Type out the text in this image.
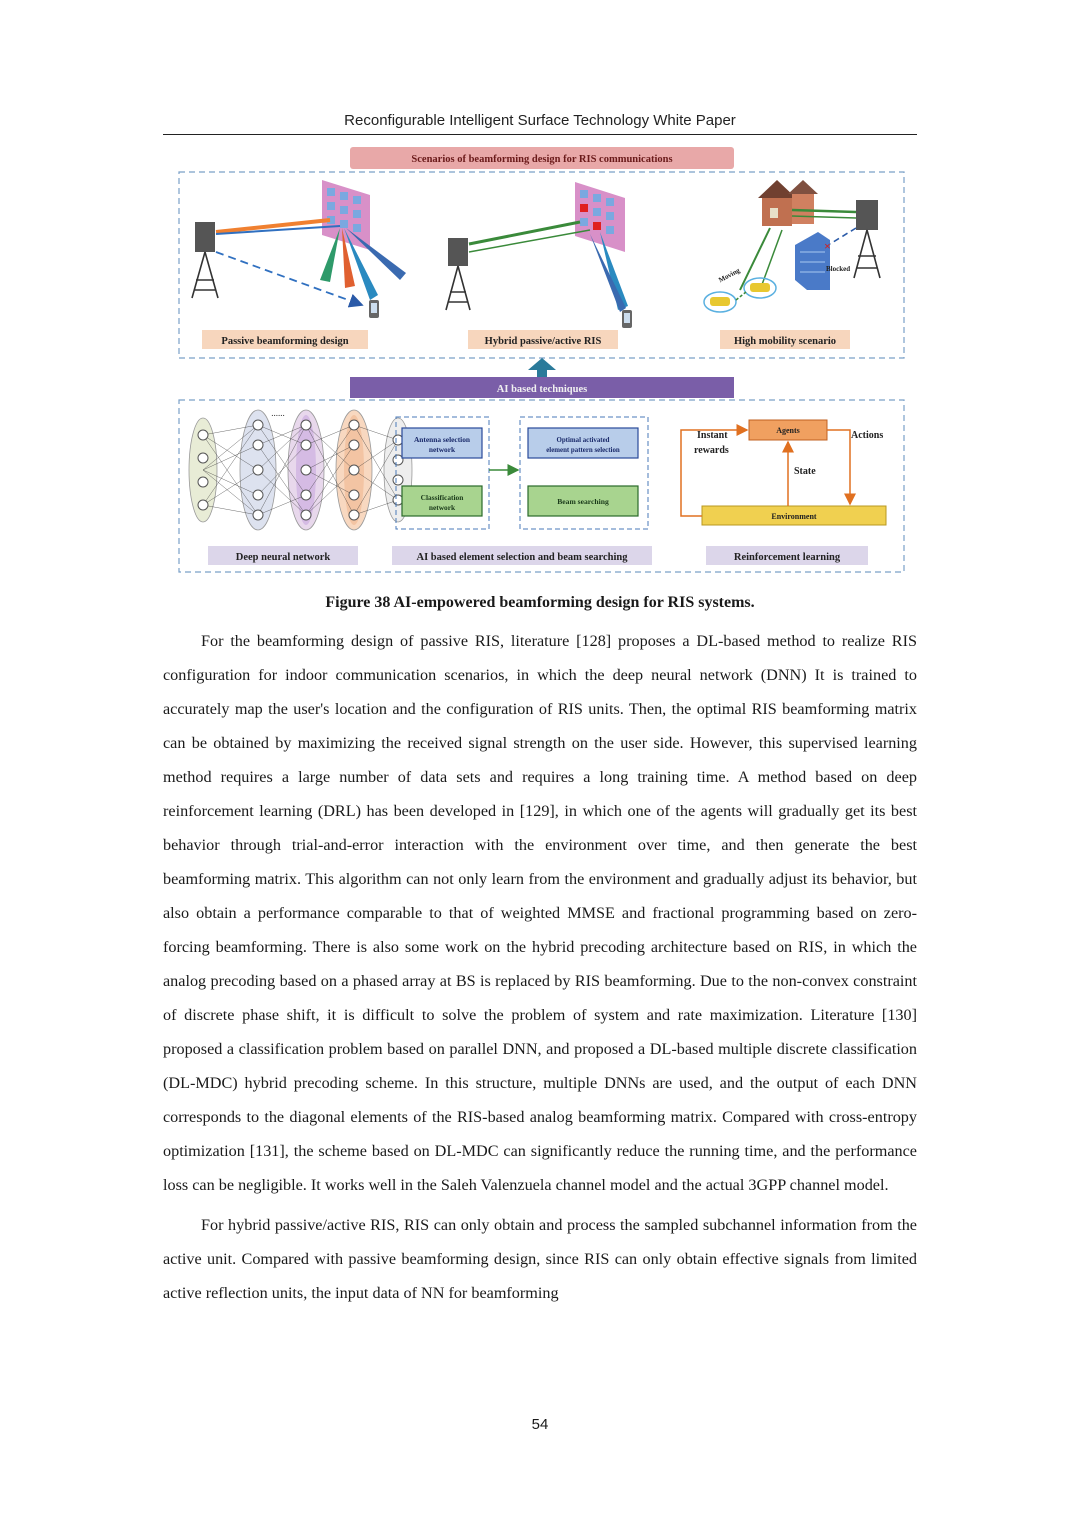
Reconfigurable Intelligent Surface Technology White Paper
Scenarios of beamforming design for RIS communications
Passive beamforming design	Hybrid passive/active RIS
×
Blocked
Moving
High mobility scenario
AI based techniques
......
Deep neural network
Antenna selection network
Optimal activated element pattern selection
Classification network
Beam searching
AI based element selection and beam searching
Agents
Environment
Instant
rewards
Actions
State
Reinforcement learning
Figure 38 AI-empowered beamforming design for RIS systems.

For the beamforming design of passive RIS, literature [128] proposes a DL-based method to realize RIS configuration for indoor communication scenarios, in which the deep neural network (DNN) It is trained to accurately map the user's location and the configuration of RIS units. Then, the optimal RIS beamforming matrix can be obtained by maximizing the received signal strength on the user side. However, this supervised learning method requires a large number of data sets and requires a long training time. A method based on deep reinforcement learning (DRL) has been developed in [129], in which one of the agents will gradually get its best behavior through trial-and-error interaction with the environment over time, and then generate the best beamforming matrix. This algorithm can not only learn from the environment and gradually adjust its behavior, but also obtain a performance comparable to that of weighted MMSE and fractional programming based on zero-forcing beamforming. There is also some work on the hybrid precoding architecture based on RIS, in which the analog precoding based on a phased array at BS is replaced by RIS beamforming. Due to the non-convex constraint of discrete phase shift, it is difficult to solve the problem of system and rate maximization. Literature [130] proposed a classification problem based on parallel DNN, and proposed a DL-based multiple discrete classification (DL-MDC) hybrid precoding scheme. In this structure, multiple DNNs are used, and the output of each DNN corresponds to the diagonal elements of the RIS-based analog beamforming matrix. Compared with cross-entropy optimization [131], the scheme based on DL-MDC can significantly reduce the running time, and the performance loss can be negligible. It works well in the Saleh Valenzuela channel model and the actual 3GPP channel model.

For hybrid passive/active RIS, RIS can only obtain and process the sampled subchannel information from the active unit. Compared with passive beamforming design, since RIS can only obtain effective signals from limited active reflection units, the input data of NN for beamforming

54
